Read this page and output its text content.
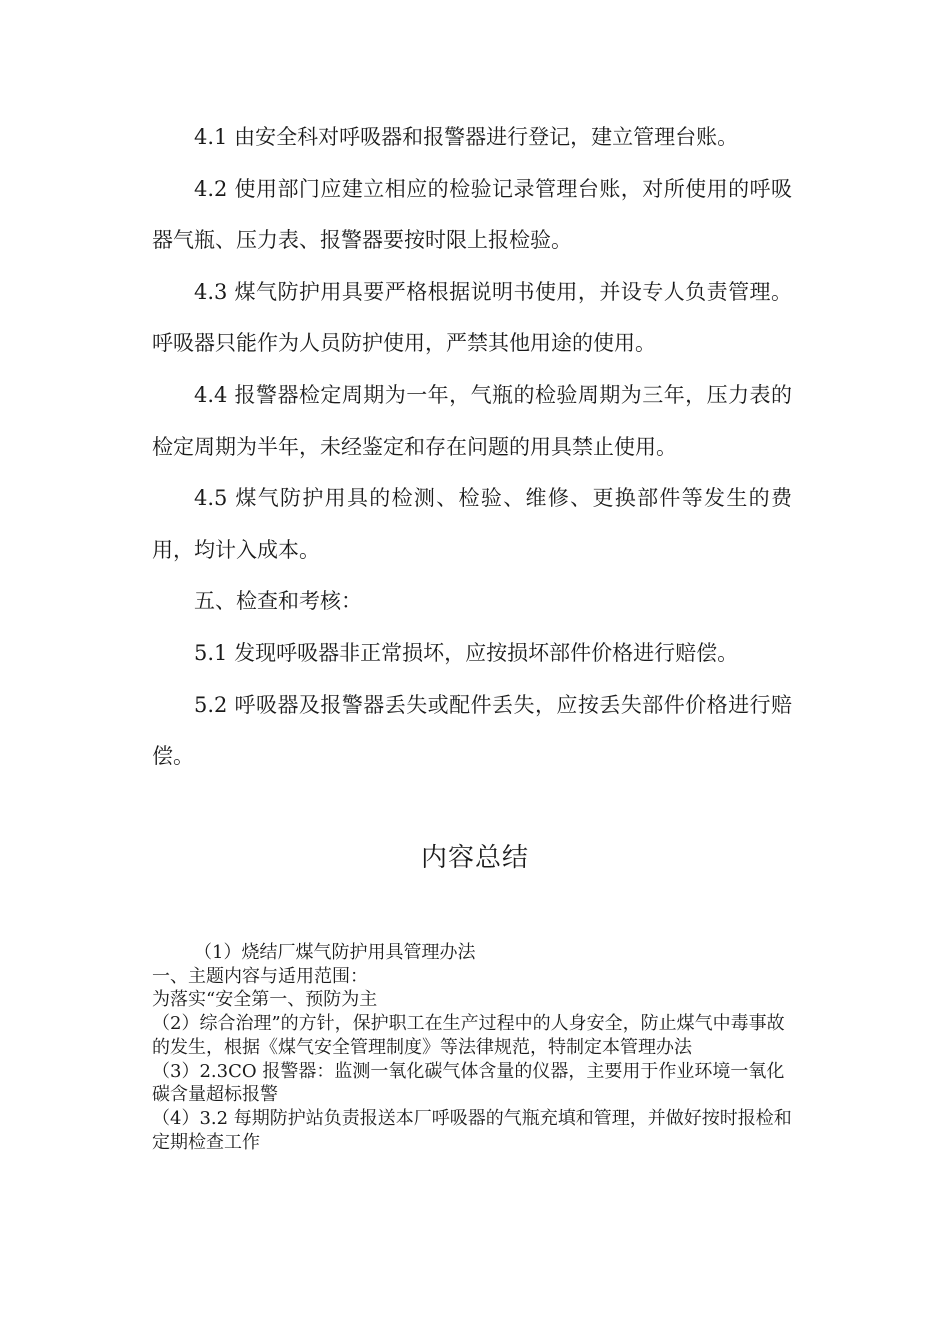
4.1 由安全科对呼吸器和报警器进行登记，建立管理台账。

4.2 使用部门应建立相应的检验记录管理台账，对所使用的呼吸器气瓶、压力表、报警器要按时限上报检验。

4.3 煤气防护用具要严格根据说明书使用，并设专人负责管理。呼吸器只能作为人员防护使用，严禁其他用途的使用。

4.4 报警器检定周期为一年，气瓶的检验周期为三年，压力表的检定周期为半年，未经鉴定和存在问题的用具禁止使用。

4.5 煤气防护用具的检测、检验、维修、更换部件等发生的费用，均计入成本。

五、检查和考核：

5.1 发现呼吸器非正常损坏，应按损坏部件价格进行赔偿。

5.2 呼吸器及报警器丢失或配件丢失，应按丢失部件价格进行赔偿。

内容总结

（1）烧结厂煤气防护用具管理办法

一、主题内容与适用范围：

为落实“安全第一、预防为主

（2）综合治理”的方针，保护职工在生产过程中的人身安全，防止煤气中毒事故的发生，根据《煤气安全管理制度》等法律规范，特制定本管理办法

（3）2.3CO 报警器：监测一氧化碳气体含量的仪器，主要用于作业环境一氧化碳含量超标报警

（4）3.2 每期防护站负责报送本厂呼吸器的气瓶充填和管理，并做好按时报检和定期检查工作
